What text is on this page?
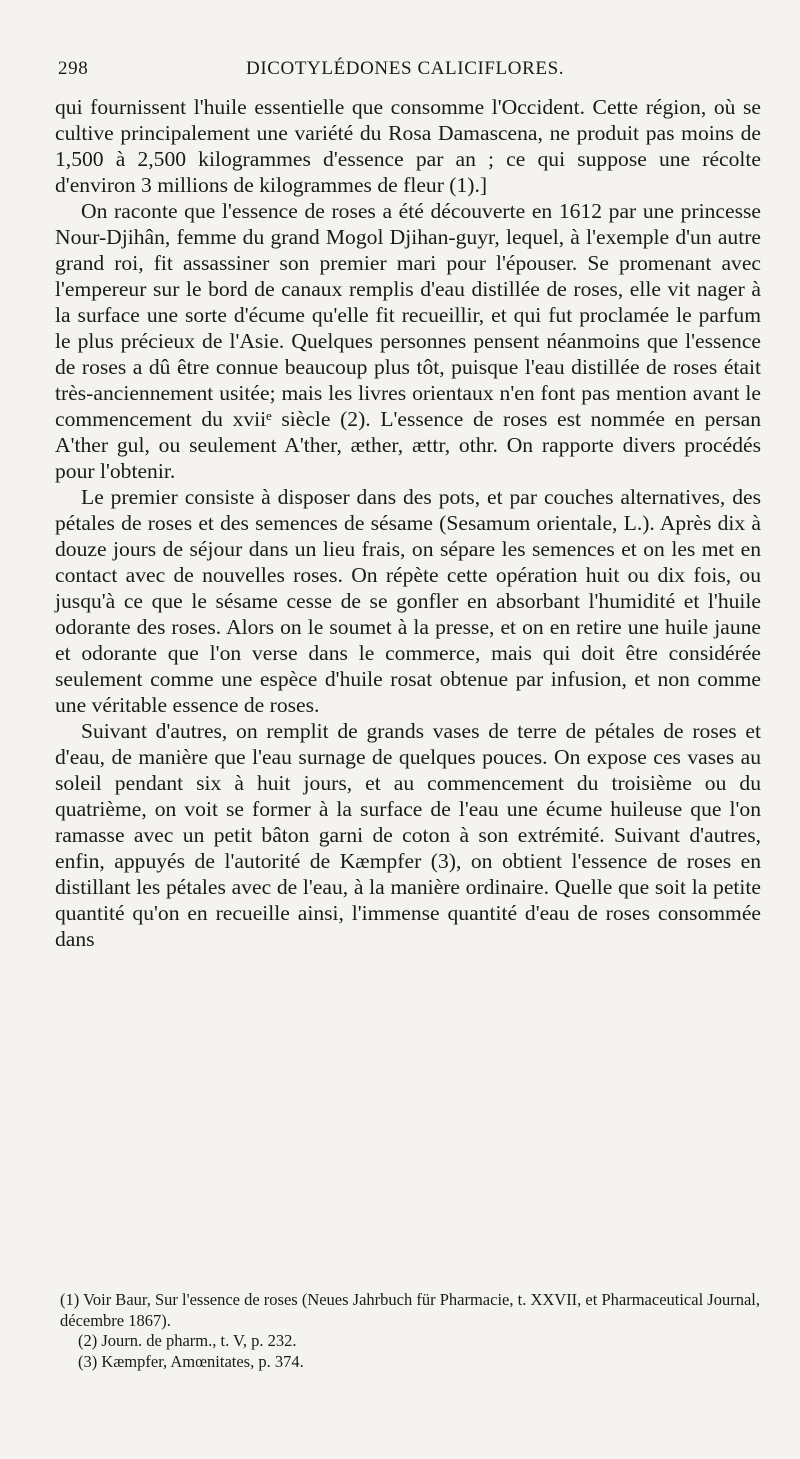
298	DICOTYLÉDONES CALICIFLORES.

qui fournissent l'huile essentielle que consomme l'Occident. Cette région, où se cultive principalement une variété du Rosa Damascena, ne produit pas moins de 1,500 à 2,500 kilogrammes d'essence par an ; ce qui suppose une récolte d'environ 3 millions de kilogrammes de fleur (1).]

On raconte que l'essence de roses a été découverte en 1612 par une princesse Nour-Djihân, femme du grand Mogol Djihan-guyr, lequel, à l'exemple d'un autre grand roi, fit assassiner son premier mari pour l'épouser. Se promenant avec l'empereur sur le bord de canaux remplis d'eau distillée de roses, elle vit nager à la surface une sorte d'écume qu'elle fit recueillir, et qui fut proclamée le parfum le plus précieux de l'Asie. Quelques personnes pensent néanmoins que l'essence de roses a dû être connue beaucoup plus tôt, puisque l'eau distillée de roses était très-anciennement usitée; mais les livres orientaux n'en font pas mention avant le commencement du xviiᵉ siècle (2). L'essence de roses est nommée en persan A'ther gul, ou seulement A'ther, æther, ættr, othr. On rapporte divers procédés pour l'obtenir.

Le premier consiste à disposer dans des pots, et par couches alternatives, des pétales de roses et des semences de sésame (Sesamum orientale, L.). Après dix à douze jours de séjour dans un lieu frais, on sépare les semences et on les met en contact avec de nouvelles roses. On répète cette opération huit ou dix fois, ou jusqu'à ce que le sésame cesse de se gonfler en absorbant l'humidité et l'huile odorante des roses. Alors on le soumet à la presse, et on en retire une huile jaune et odorante que l'on verse dans le commerce, mais qui doit être considérée seulement comme une espèce d'huile rosat obtenue par infusion, et non comme une véritable essence de roses.

Suivant d'autres, on remplit de grands vases de terre de pétales de roses et d'eau, de manière que l'eau surnage de quelques pouces. On expose ces vases au soleil pendant six à huit jours, et au commencement du troisième ou du quatrième, on voit se former à la surface de l'eau une écume huileuse que l'on ramasse avec un petit bâton garni de coton à son extrémité. Suivant d'autres, enfin, appuyés de l'autorité de Kæmpfer (3), on obtient l'essence de roses en distillant les pétales avec de l'eau, à la manière ordinaire. Quelle que soit la petite quantité qu'on en recueille ainsi, l'immense quantité d'eau de roses consommée dans

(1) Voir Baur, Sur l'essence de roses (Neues Jahrbuch für Pharmacie, t. XXVII, et Pharmaceutical Journal, décembre 1867).

(2) Journ. de pharm., t. V, p. 232.

(3) Kæmpfer, Amœnitates, p. 374.
